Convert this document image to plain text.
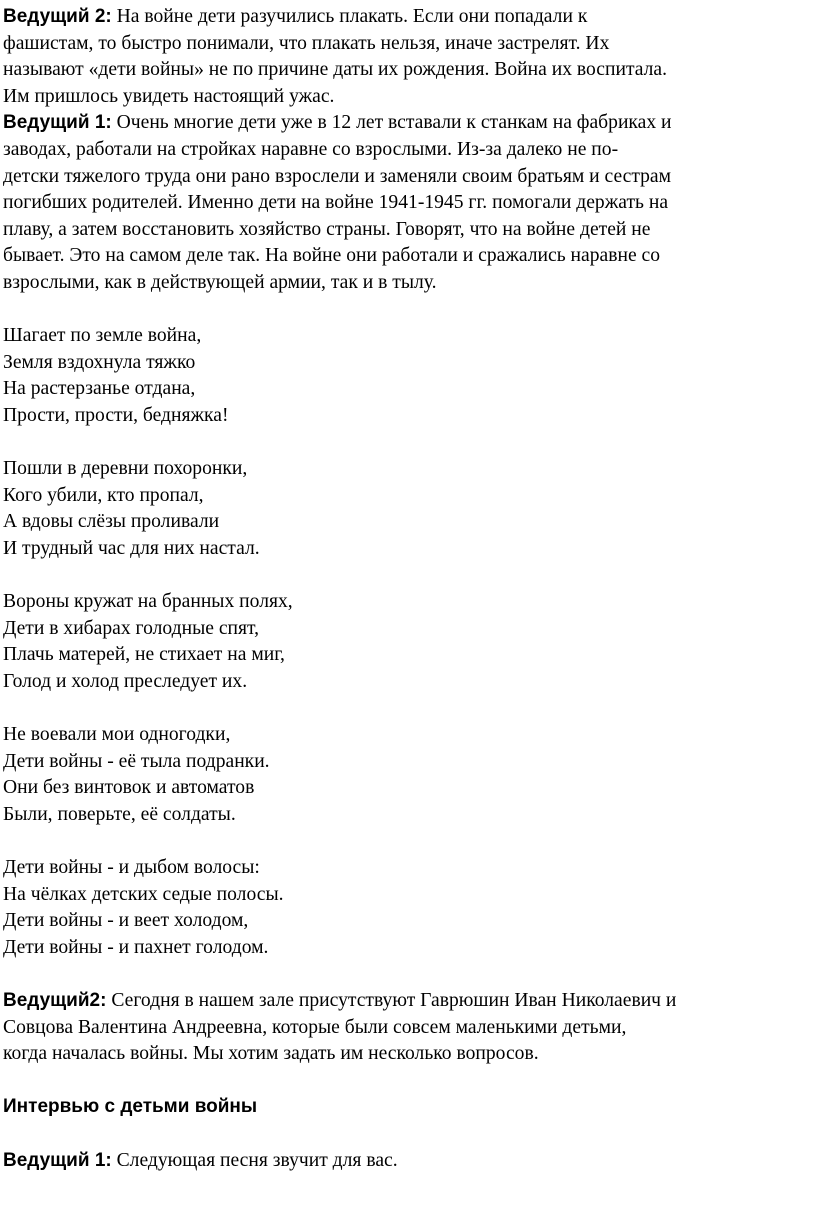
Ведущий 2: На войне дети разучились плакать. Если они попадали к
фашистам, то быстро понимали, что плакать нельзя, иначе застрелят. Их
называют «дети войны» не по причине даты их рождения. Война их воспитала.
Им пришлось увидеть настоящий ужас.

Ведущий 1: Очень многие дети уже в 12 лет вставали к станкам на фабриках и
заводах, работали на стройках наравне со взрослыми. Из-за далеко не по-
детски тяжелого труда они рано взрослели и заменяли своим братьям и сестрам
погибших родителей. Именно дети на войне 1941-1945 гг. помогали держать на
плаву, а затем восстановить хозяйство страны. Говорят, что на войне детей не
бывает. Это на самом деле так. На войне они работали и сражались наравне со
взрослыми, как в действующей армии, так и в тылу.

Шагает по земле война,
Земля вздохнула тяжко
На растерзанье отдана,
Прости, прости, бедняжка!
Пошли в деревни похоронки,
Кого убили, кто пропал,
А вдовы слёзы проливали
И трудный час для них настал.
Вороны кружат на бранных полях,
Дети в хибарах голодные спят,
Плачь матерей, не стихает на миг,
Голод и холод преследует их.
Не воевали мои одногодки,
Дети войны - её тыла подранки.
Они без винтовок и автоматов
Были, поверьте, её солдаты.
Дети войны - и дыбом волосы:
На чёлках детских седые полосы.
Дети войны - и веет холодом,
Дети войны - и пахнет голодом.

Ведущий2: Сегодня в нашем зале присутствуют Гаврюшин Иван Николаевич и
Совцова Валентина Андреевна, которые были совсем маленькими детьми,
когда началась войны. Мы хотим задать им несколько вопросов.

Интервью с детьми войны

Ведущий 1: Следующая песня звучит для вас.
